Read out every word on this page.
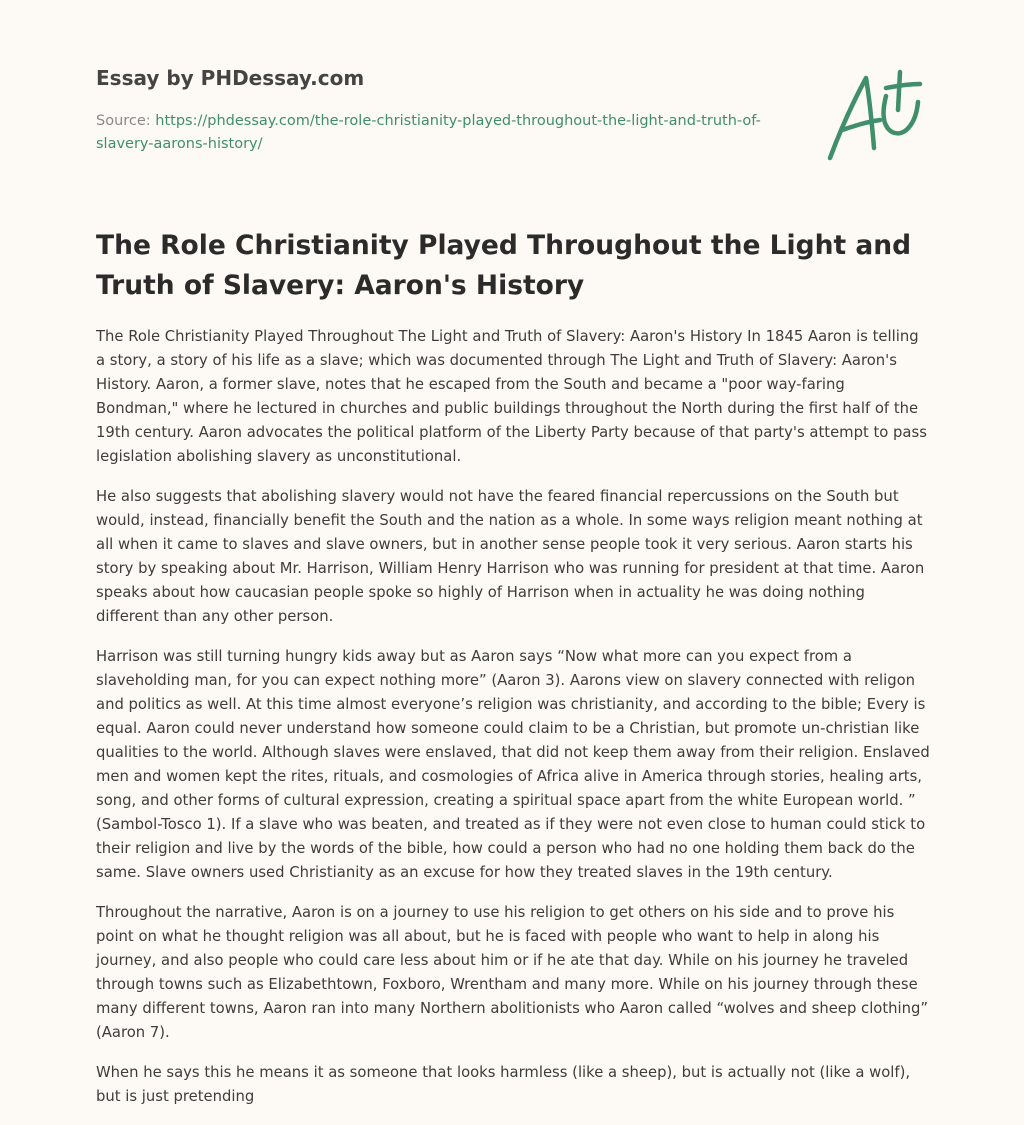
Essay by PHDessay.com

Source: https://phdessay.com/the-role-christianity-played-throughout-the-light-and-truth-of-slavery-aarons-history/

The Role Christianity Played Throughout the Light and Truth of Slavery: Aaron's History

The Role Christianity Played Throughout The Light and Truth of Slavery: Aaron's History In 1845 Aaron is telling a story, a story of his life as a slave; which was documented through The Light and Truth of Slavery: Aaron's History. Aaron, a former slave, notes that he escaped from the South and became a "poor way-faring Bondman," where he lectured in churches and public buildings throughout the North during the first half of the 19th century. Aaron advocates the political platform of the Liberty Party because of that party's attempt to pass legislation abolishing slavery as unconstitutional.

He also suggests that abolishing slavery would not have the feared financial repercussions on the South but would, instead, financially benefit the South and the nation as a whole. In some ways religion meant nothing at all when it came to slaves and slave owners, but in another sense people took it very serious. Aaron starts his story by speaking about Mr. Harrison, William Henry Harrison who was running for president at that time. Aaron speaks about how caucasian people spoke so highly of Harrison when in actuality he was doing nothing different than any other person.

Harrison was still turning hungry kids away but as Aaron says “Now what more can you expect from a slaveholding man, for you can expect nothing more” (Aaron 3). Aarons view on slavery connected with religon and politics as well. At this time almost everyone’s religion was christianity, and according to the bible; Every is equal. Aaron could never understand how someone could claim to be a Christian, but promote un-christian like qualities to the world. Although slaves were enslaved, that did not keep them away from their religion. Enslaved men and women kept the rites, rituals, and cosmologies of Africa alive in America through stories, healing arts, song, and other forms of cultural expression, creating a spiritual space apart from the white European world. ” (Sambol-Tosco 1). If a slave who was beaten, and treated as if they were not even close to human could stick to their religion and live by the words of the bible, how could a person who had no one holding them back do the same. Slave owners used Christianity as an excuse for how they treated slaves in the 19th century.

Throughout the narrative, Aaron is on a journey to use his religion to get others on his side and to prove his point on what he thought religion was all about, but he is faced with people who want to help in along his journey, and also people who could care less about him or if he ate that day. While on his journey he traveled through towns such as Elizabethtown, Foxboro, Wrentham and many more. While on his journey through these many different towns, Aaron ran into many Northern abolitionists who Aaron called “wolves and sheep clothing” (Aaron 7).

When he says this he means it as someone that looks harmless (like a sheep), but is actually not (like a wolf), but is just pretending
